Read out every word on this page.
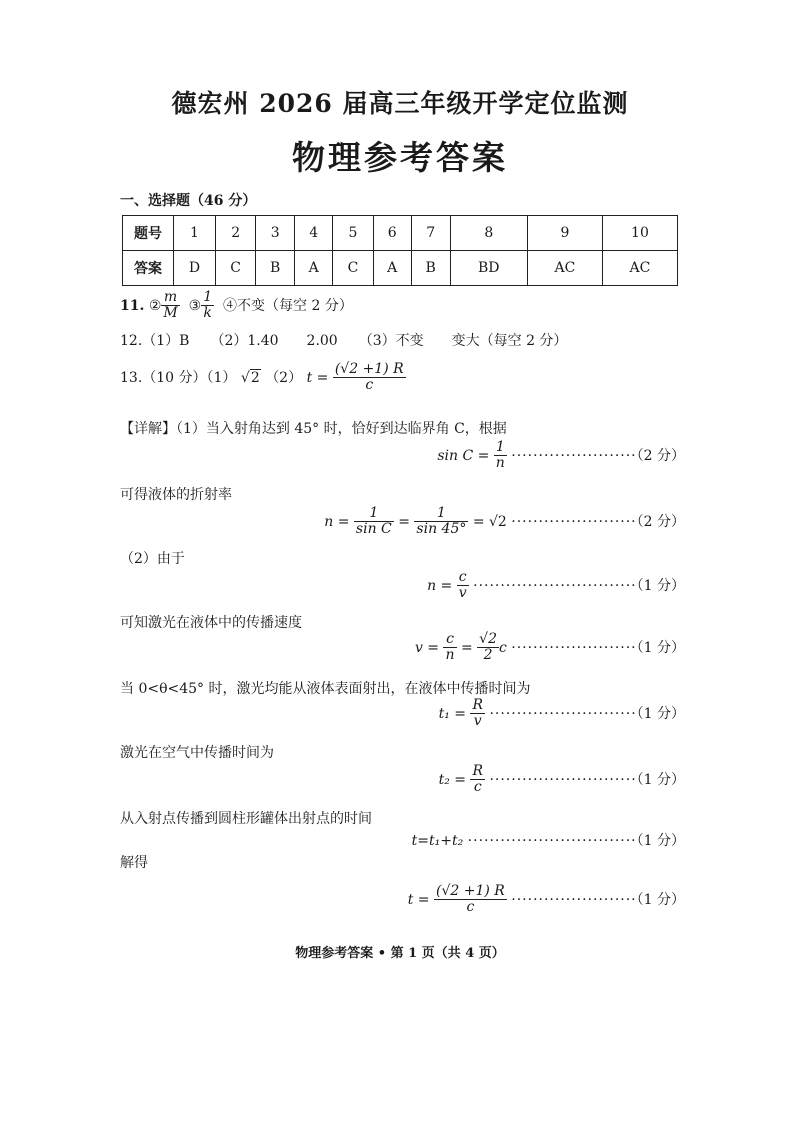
德宏州 2026 届高三年级开学定位监测
物理参考答案
一、选择题（46 分）
题号	1	2	3	4	5	6	7	8	9	10
答案	D	C	B	A	C	A	B	BD	AC	AC
11. ② $\frac{m}{M}$ ③ $\frac{1}{k}$ ④不变（每空 2 分）
12.（1）B　　（2）1.40　　2.00　　（3）不变　　变大（每空 2 分）
13.（10 分）（1） √2 （2） $t = \frac{(√2 +1) R}{c}$
【详解】（1）当入射角达到 45° 时，恰好到达临界角 C，根据
$\sin C = \frac{1}{n} \cdot\cdot\cdot\cdot\cdot\cdot\cdot\cdot\cdot\cdot\cdot\cdot\cdot\cdot\cdot\cdot\cdot\cdot\cdot\cdot\cdot\cdot\cdot(2$ 分）
可得液体的折射率
$n = \frac{1}{\text{sin C}} = \frac{1}{\sin 45^\circ} = √2 \cdot\cdot\cdot\cdot\cdot\cdot\cdot\cdot\cdot\cdot\cdot\cdot\cdot\cdot\cdot\cdot\cdot\cdot\cdot\cdot\cdot\cdot\cdot(2$ 分）
（2）由于
$n = \frac{c}{v} \cdot\cdot\cdot\cdot\cdot\cdot\cdot\cdot\cdot\cdot\cdot\cdot\cdot\cdot\cdot\cdot\cdot\cdot\cdot\cdot\cdot\cdot\cdot\cdot\cdot\cdot\cdot\cdot\cdot\cdot(1$ 分）
可知激光在液体中的传播速度
$v = \frac{c}{n} = \frac{√2}{2}$ c ·······················（1 分）
当 0<θ<45° 时，激光均能从液体表面射出，在液体中传播时间为
$t_1 = \frac{R}{v} \cdot\cdot\cdot\cdot\cdot\cdot\cdot\cdot\cdot\cdot\cdot\cdot\cdot\cdot\cdot\cdot\cdot\cdot\cdot\cdot\cdot\cdot\cdot\cdot\cdot\cdot\cdot(1$ 分）
激光在空气中传播时间为
$t_2 = \frac{R}{c} \cdot\cdot\cdot\cdot\cdot\cdot\cdot\cdot\cdot\cdot\cdot\cdot\cdot\cdot\cdot\cdot\cdot\cdot\cdot\cdot\cdot\cdot\cdot\cdot\cdot\cdot\cdot(1$ 分）
从入射点传播到圆柱形罐体出射点的时间
t=t₁+t₂ ·······························（1 分）
解得
$t = \frac{(√2 +1) R}{c} \cdot\cdot\cdot\cdot\cdot\cdot\cdot\cdot\cdot\cdot\cdot\cdot\cdot\cdot\cdot\cdot\cdot\cdot\cdot\cdot\cdot\cdot\cdot(1$ 分）
物理参考答案 • 第 1 页（共 4 页）
